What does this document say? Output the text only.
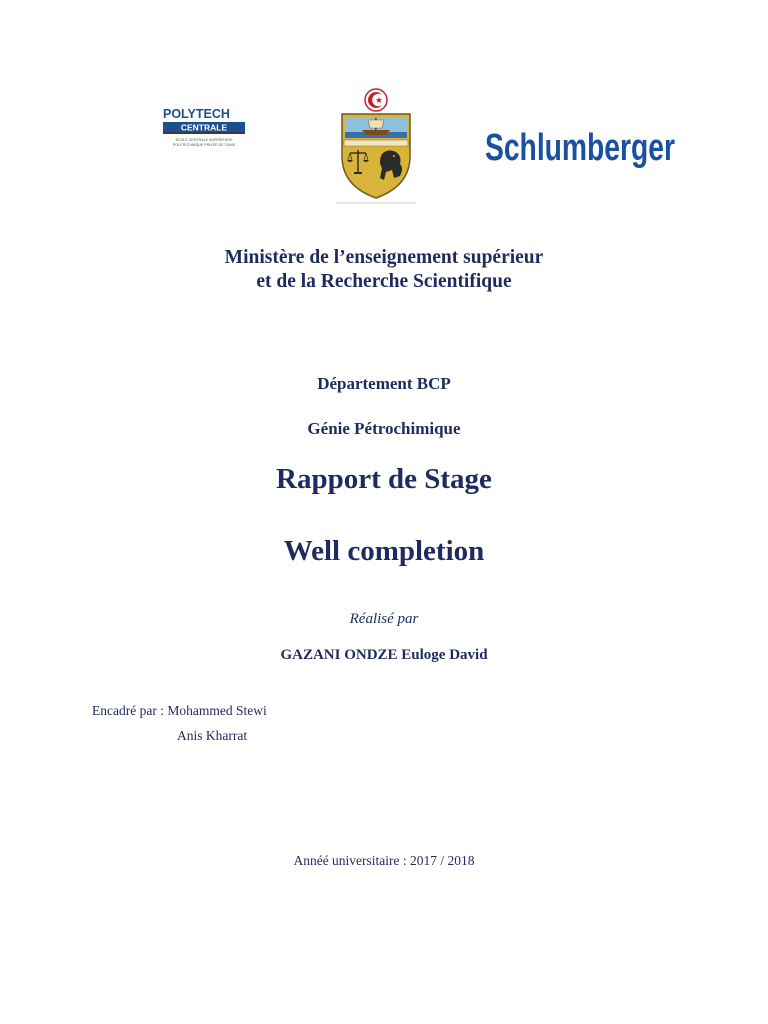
POLYTECH
CENTRALE
ÉCOLE CENTRALE SUPÉRIEURE
POLYTECHNIQUE PRIVÉE DE TUNIS	Schlumberger
Ministère de l’enseignement supérieur
et de la Recherche Scientifique
Département BCP
Génie Pétrochimique
Rapport de Stage
Well completion
Réalisé par
GAZANI ONDZE Euloge David
Encadré par : Mohammed Stewi
Anis Kharrat
Annéé universitaire : 2017 / 2018
